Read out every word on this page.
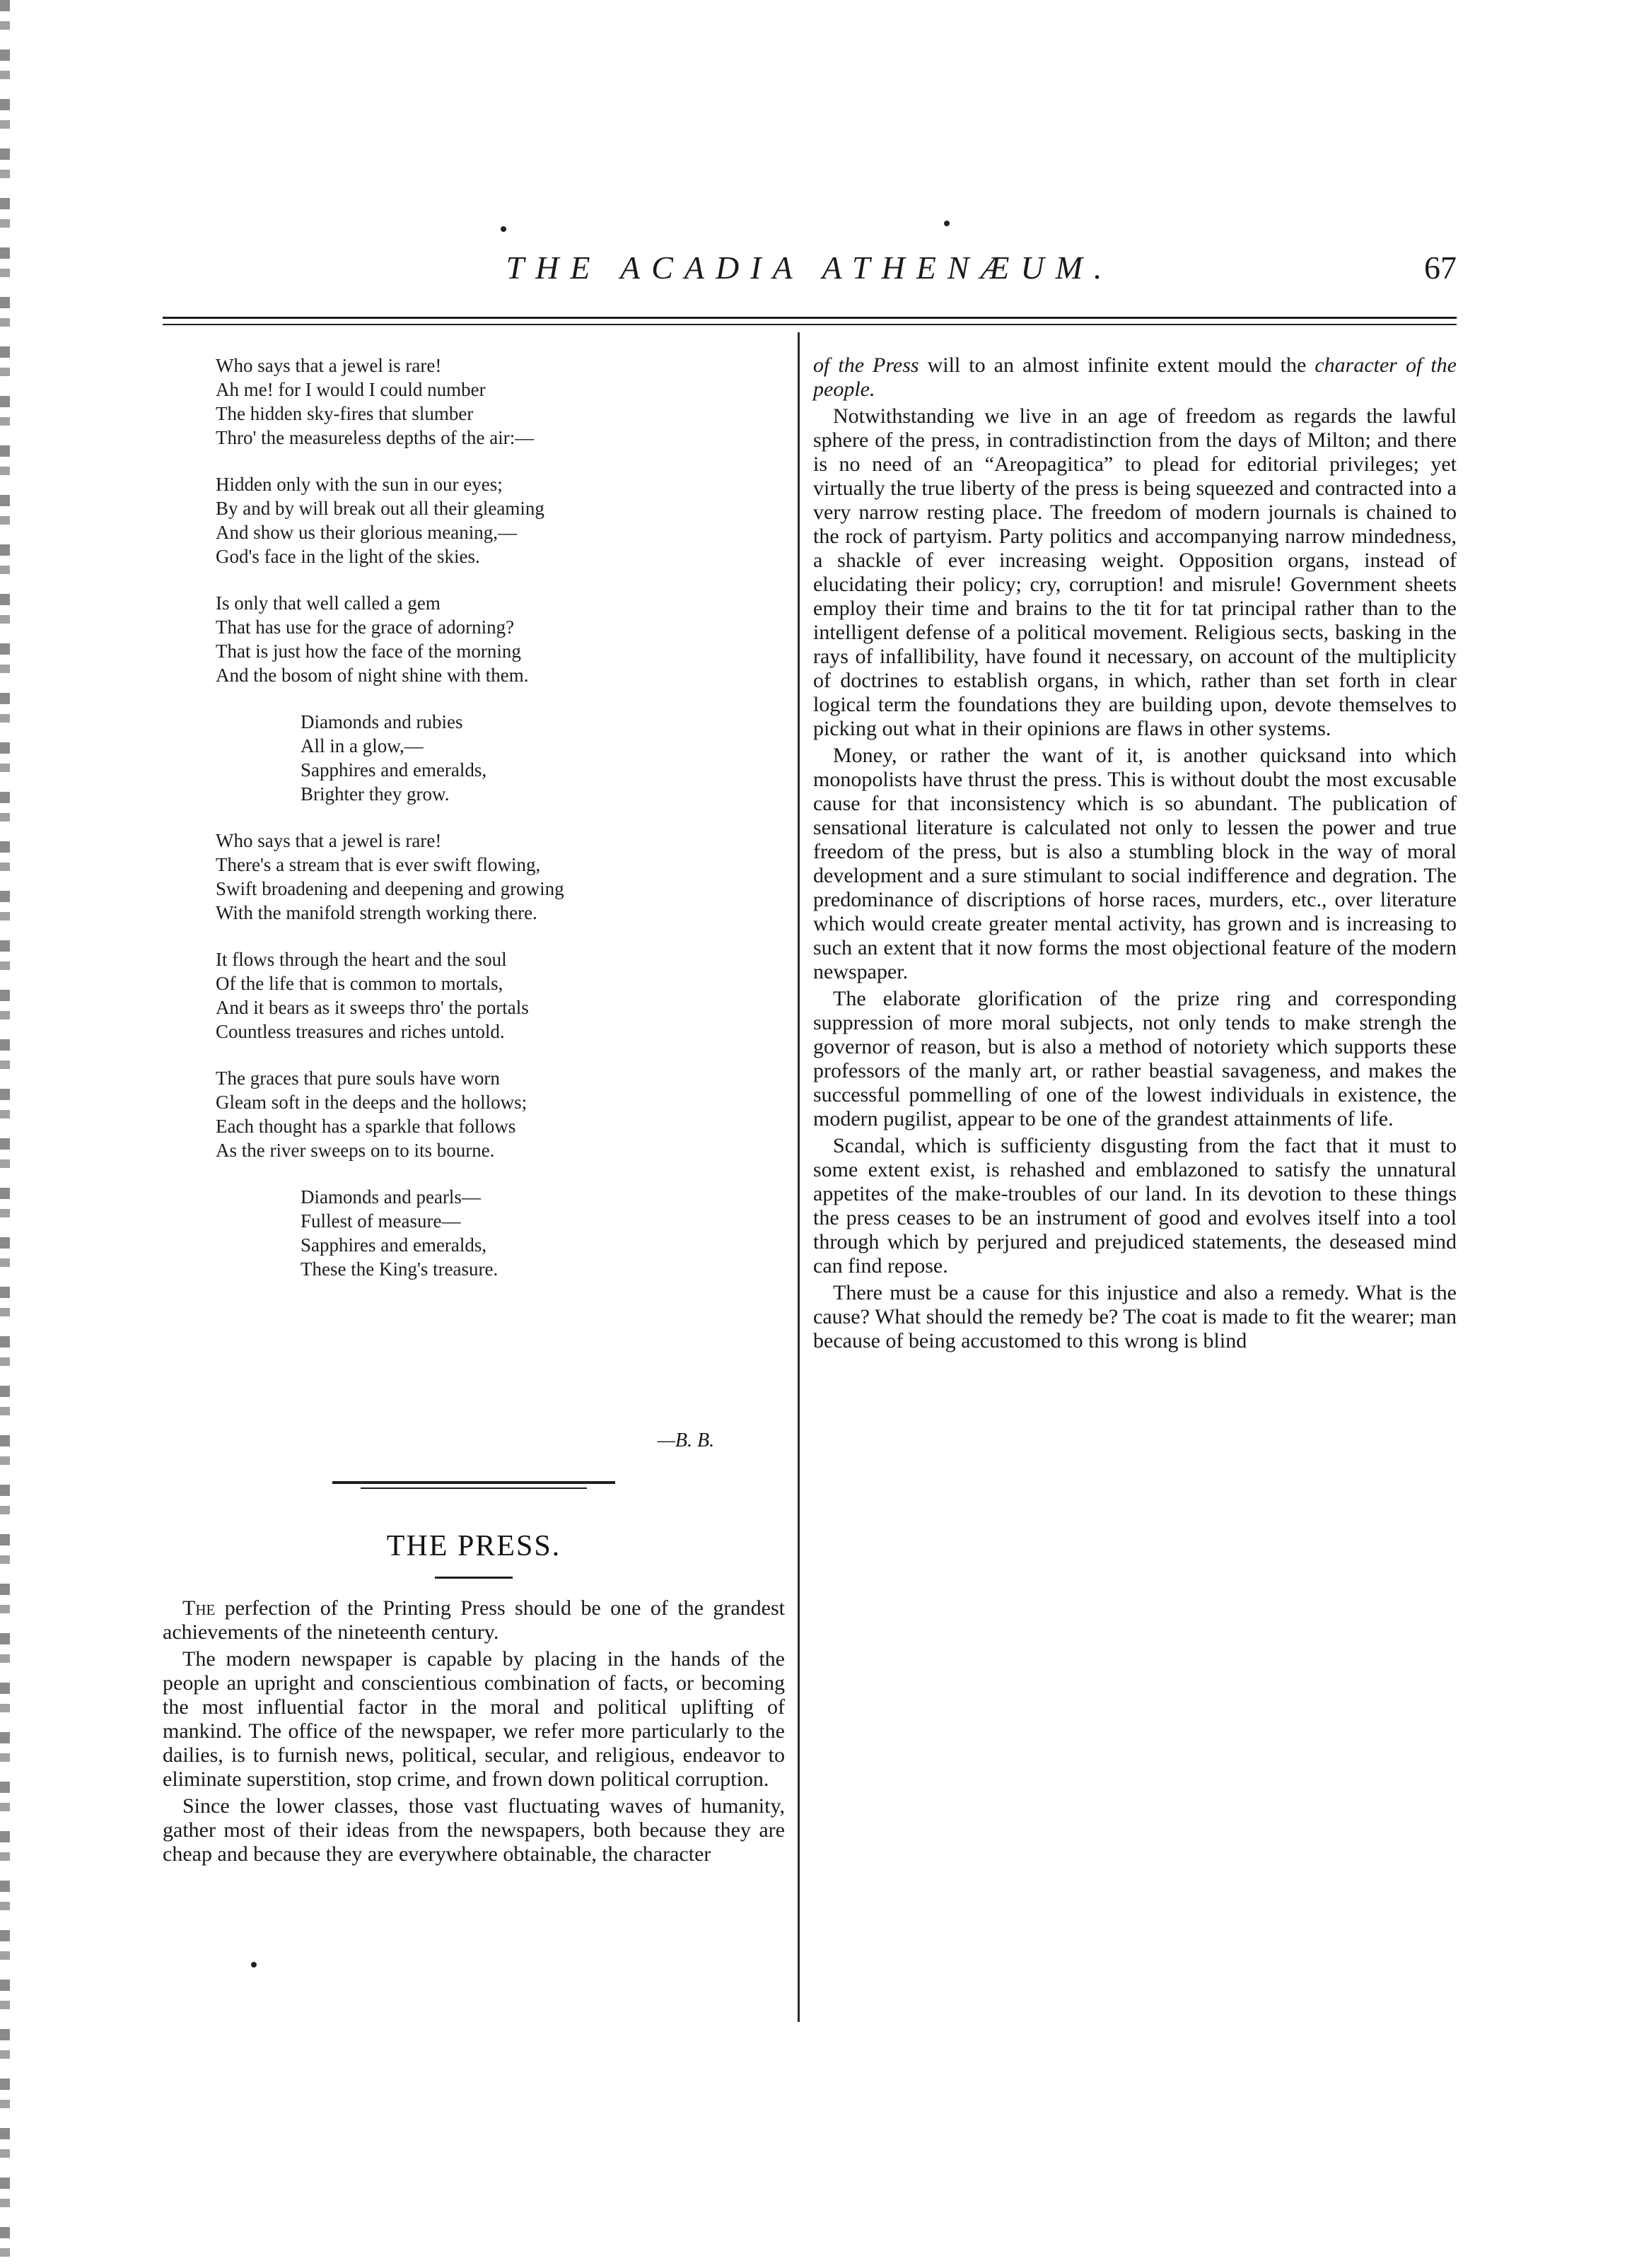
THE ACADIA ATHENÆUM.	67
Who says that a jewel is rare!
Ah me! for I would I could number
The hidden sky-fires that slumber
Thro' the measureless depths of the air:—
Hidden only with the sun in our eyes;
By and by will break out all their gleaming
And show us their glorious meaning,—
God's face in the light of the skies.
Is only that well called a gem
That has use for the grace of adorning?
That is just how the face of the morning
And the bosom of night shine with them.
Diamonds and rubies
All in a glow,—
Sapphires and emeralds,
Brighter they grow.
Who says that a jewel is rare!
There's a stream that is ever swift flowing,
Swift broadening and deepening and growing
With the manifold strength working there.
It flows through the heart and the soul
Of the life that is common to mortals,
And it bears as it sweeps thro' the portals
Countless treasures and riches untold.
The graces that pure souls have worn
Gleam soft in the deeps and the hollows;
Each thought has a sparkle that follows
As the river sweeps on to its bourne.
Diamonds and pearls—
Fullest of measure—
Sapphires and emeralds,
These the King's treasure.
—B. B.
THE PRESS.

The perfection of the Printing Press should be one of the grandest achievements of the nineteenth century.

The modern newspaper is capable by placing in the hands of the people an upright and conscientious combination of facts, or becoming the most influential factor in the moral and political uplifting of mankind. The office of the newspaper, we refer more particularly to the dailies, is to furnish news, political, secular, and religious, endeavor to eliminate superstition, stop crime, and frown down political corruption.

Since the lower classes, those vast fluctuating waves of humanity, gather most of their ideas from the newspapers, both because they are cheap and because they are everywhere obtainable, the character

of the Press will to an almost infinite extent mould the character of the people.

Notwithstanding we live in an age of freedom as regards the lawful sphere of the press, in contradistinction from the days of Milton; and there is no need of an “Areopagitica” to plead for editorial privileges; yet virtually the true liberty of the press is being squeezed and contracted into a very narrow resting place. The freedom of modern journals is chained to the rock of partyism. Party politics and accompanying narrow mindedness, a shackle of ever increasing weight. Opposition organs, instead of elucidating their policy; cry, corruption! and misrule! Government sheets employ their time and brains to the tit for tat principal rather than to the intelligent defense of a political movement. Religious sects, basking in the rays of infallibility, have found it necessary, on account of the multiplicity of doctrines to establish organs, in which, rather than set forth in clear logical term the foundations they are building upon, devote themselves to picking out what in their opinions are flaws in other systems.

Money, or rather the want of it, is another quicksand into which monopolists have thrust the press. This is without doubt the most excusable cause for that inconsistency which is so abundant. The publication of sensational literature is calculated not only to lessen the power and true freedom of the press, but is also a stumbling block in the way of moral development and a sure stimulant to social indifference and degration. The predominance of discriptions of horse races, murders, etc., over literature which would create greater mental activity, has grown and is increasing to such an extent that it now forms the most objectional feature of the modern newspaper.

The elaborate glorification of the prize ring and corresponding suppression of more moral subjects, not only tends to make strengh the governor of reason, but is also a method of notoriety which supports these professors of the manly art, or rather beastial savageness, and makes the successful pommelling of one of the lowest individuals in existence, the modern pugilist, appear to be one of the grandest attainments of life.

Scandal, which is sufficienty disgusting from the fact that it must to some extent exist, is rehashed and emblazoned to satisfy the unnatural appetites of the make-troubles of our land. In its devotion to these things the press ceases to be an instrument of good and evolves itself into a tool through which by perjured and prejudiced statements, the deseased mind can find repose.

There must be a cause for this injustice and also a remedy. What is the cause? What should the remedy be? The coat is made to fit the wearer; man because of being accustomed to this wrong is blind
